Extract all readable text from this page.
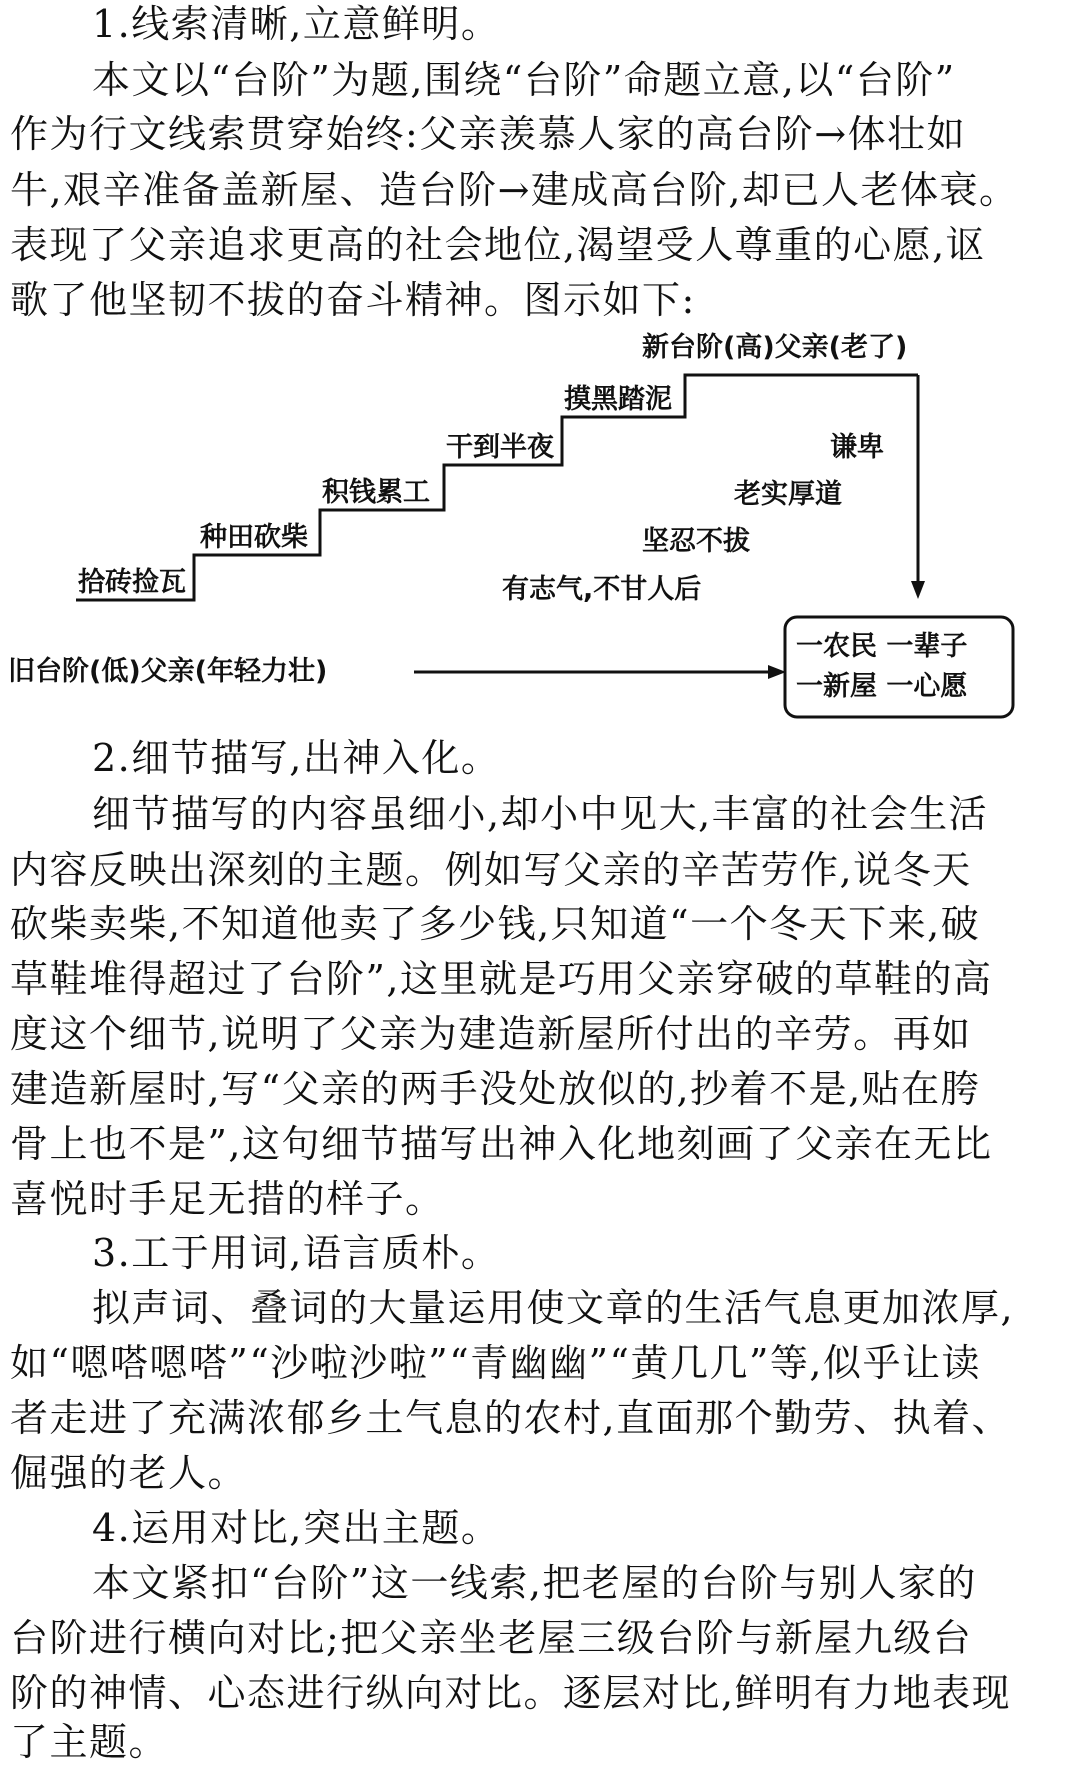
1.线索清晰,立意鲜明。
本文以“台阶”为题,围绕“台阶”命题立意,以“台阶”
作为行文线索贯穿始终:父亲羡慕人家的高台阶→体壮如
牛,艰辛准备盖新屋、造台阶→建成高台阶,却已人老体衰。
表现了父亲追求更高的社会地位,渴望受人尊重的心愿,讴
歌了他坚韧不拔的奋斗精神。图示如下:
新台阶(高)父亲(老了)
拾砖捡瓦
种田砍柴
积钱累工
干到半夜
摸黑踏泥
谦卑
老实厚道
坚忍不拔
有志气,不甘人后
旧台阶(低)父亲(年轻力壮)
一农民 一辈子
一新屋 一心愿
2.细节描写,出神入化。
细节描写的内容虽细小,却小中见大,丰富的社会生活
内容反映出深刻的主题。例如写父亲的辛苦劳作,说冬天
砍柴卖柴,不知道他卖了多少钱,只知道“一个冬天下来,破
草鞋堆得超过了台阶”,这里就是巧用父亲穿破的草鞋的高
度这个细节,说明了父亲为建造新屋所付出的辛劳。再如
建造新屋时,写“父亲的两手没处放似的,抄着不是,贴在胯
骨上也不是”,这句细节描写出神入化地刻画了父亲在无比
喜悦时手足无措的样子。
3.工于用词,语言质朴。
拟声词、叠词的大量运用使文章的生活气息更加浓厚,
如“嗯嗒嗯嗒”“沙啦沙啦”“青幽幽”“黄几几”等,似乎让读
者走进了充满浓郁乡土气息的农村,直面那个勤劳、执着、
倔强的老人。
4.运用对比,突出主题。
本文紧扣“台阶”这一线索,把老屋的台阶与别人家的
台阶进行横向对比;把父亲坐老屋三级台阶与新屋九级台
阶的神情、心态进行纵向对比。逐层对比,鲜明有力地表现
了主题。
